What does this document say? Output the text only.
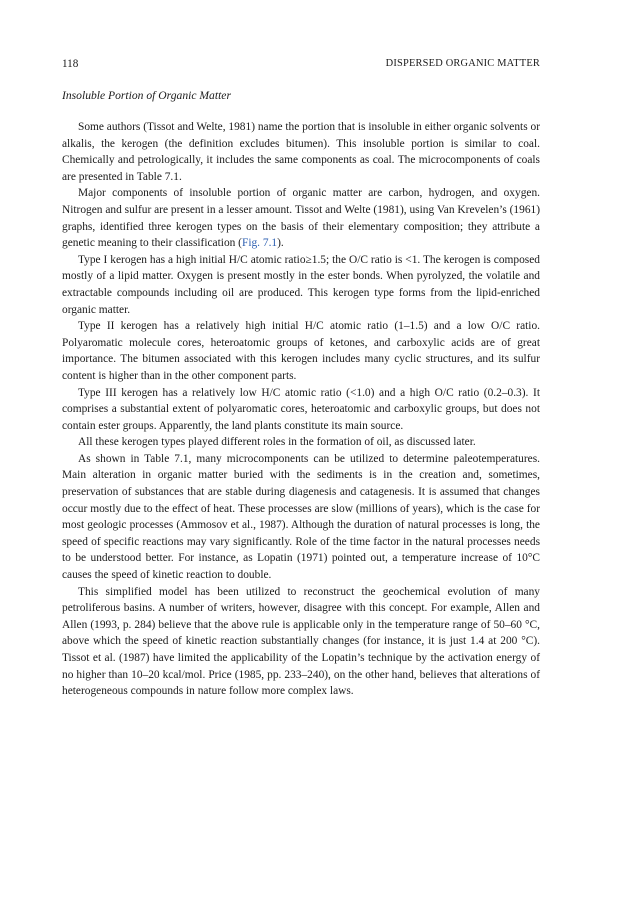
118	DISPERSED ORGANIC MATTER
Insoluble Portion of Organic Matter

Some authors (Tissot and Welte, 1981) name the portion that is insoluble in either organic solvents or alkalis, the kerogen (the definition excludes bitumen). This insoluble portion is similar to coal. Chemically and petrologically, it includes the same components as coal. The microcomponents of coals are presented in Table 7.1.

Major components of insoluble portion of organic matter are carbon, hydrogen, and oxygen. Nitrogen and sulfur are present in a lesser amount. Tissot and Welte (1981), using Van Krevelen’s (1961) graphs, identified three kerogen types on the basis of their elementary composition; they attribute a genetic meaning to their classification (Fig. 7.1).

Type I kerogen has a high initial H/C atomic ratio≥1.5; the O/C ratio is <1. The kerogen is composed mostly of a lipid matter. Oxygen is present mostly in the ester bonds. When pyrolyzed, the volatile and extractable compounds including oil are produced. This kerogen type forms from the lipid-enriched organic matter.

Type II kerogen has a relatively high initial H/C atomic ratio (1–1.5) and a low O/C ratio. Polyaromatic molecule cores, heteroatomic groups of ketones, and carboxylic acids are of great importance. The bitumen associated with this kerogen includes many cyclic structures, and its sulfur content is higher than in the other component parts.

Type III kerogen has a relatively low H/C atomic ratio (<1.0) and a high O/C ratio (0.2–0.3). It comprises a substantial extent of polyaromatic cores, heteroatomic and carboxylic groups, but does not contain ester groups. Apparently, the land plants constitute its main source.

All these kerogen types played different roles in the formation of oil, as discussed later.

As shown in Table 7.1, many microcomponents can be utilized to determine paleotemperatures. Main alteration in organic matter buried with the sediments is in the creation and, sometimes, preservation of substances that are stable during diagenesis and catagenesis. It is assumed that changes occur mostly due to the effect of heat. These processes are slow (millions of years), which is the case for most geologic processes (Ammosov et al., 1987). Although the duration of natural processes is long, the speed of specific reactions may vary significantly. Role of the time factor in the natural processes needs to be understood better. For instance, as Lopatin (1971) pointed out, a temperature increase of 10°C causes the speed of kinetic reaction to double.

This simplified model has been utilized to reconstruct the geochemical evolution of many petroliferous basins. A number of writers, however, disagree with this concept. For example, Allen and Allen (1993, p. 284) believe that the above rule is applicable only in the temperature range of 50–60 °C, above which the speed of kinetic reaction substantially changes (for instance, it is just 1.4 at 200 °C). Tissot et al. (1987) have limited the applicability of the Lopatin’s technique by the activation energy of no higher than 10–20 kcal/mol. Price (1985, pp. 233–240), on the other hand, believes that alterations of heterogeneous compounds in nature follow more complex laws.
